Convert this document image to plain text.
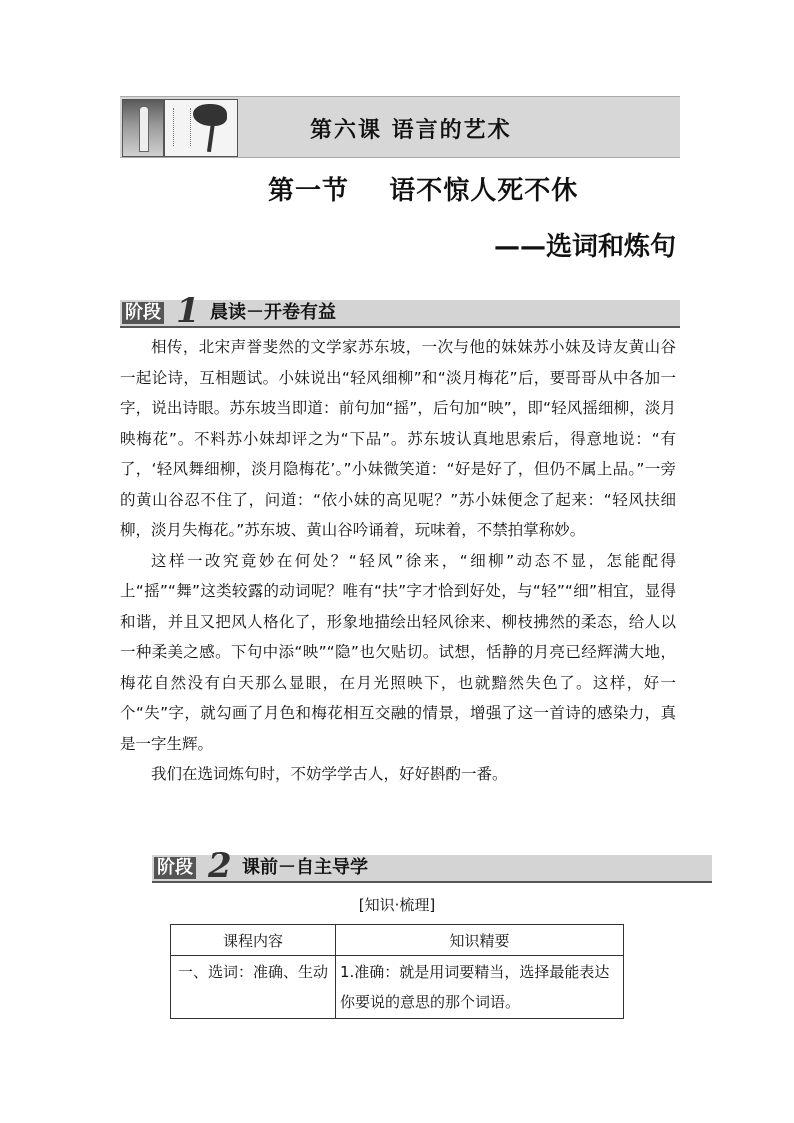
第六课 语言的艺术
第一节    语不惊人死不休
——选词和炼句
阶段 1 晨读－开卷有益

相传，北宋声誉斐然的文学家苏东坡，一次与他的妹妹苏小妹及诗友黄山谷一起论诗，互相题试。小妹说出“轻风细柳”和“淡月梅花”后，要哥哥从中各加一字，说出诗眼。苏东坡当即道：前句加“摇”，后句加“映”，即“轻风摇细柳，淡月映梅花”。不料苏小妹却评之为“下品”。苏东坡认真地思索后，得意地说：“有了，‘轻风舞细柳，淡月隐梅花’。”小妹微笑道：“好是好了，但仍不属上品。”一旁的黄山谷忍不住了，问道：“依小妹的高见呢？”苏小妹便念了起来：“轻风扶细柳，淡月失梅花。”苏东坡、黄山谷吟诵着，玩味着，不禁拍掌称妙。

这样一改究竟妙在何处？“轻风”徐来，“细柳”动态不显，怎能配得上“摇”“舞”这类较露的动词呢？唯有“扶”字才恰到好处，与“轻”“细”相宜，显得和谐，并且又把风人格化了，形象地描绘出轻风徐来、柳枝拂然的柔态，给人以一种柔美之感。下句中添“映”“隐”也欠贴切。试想，恬静的月亮已经辉满大地，梅花自然没有白天那么显眼，在月光照映下，也就黯然失色了。这样，好一个“失”字，就勾画了月色和梅花相互交融的情景，增强了这一首诗的感染力，真是一字生辉。

我们在选词炼句时，不妨学学古人，好好斟酌一番。

阶段 2 课前－自主导学
[知识·梳理]
课程内容	知识精要
一、选词：准确、生动	1.准确：就是用词要精当，选择最能表达你要说的意思的那个词语。
